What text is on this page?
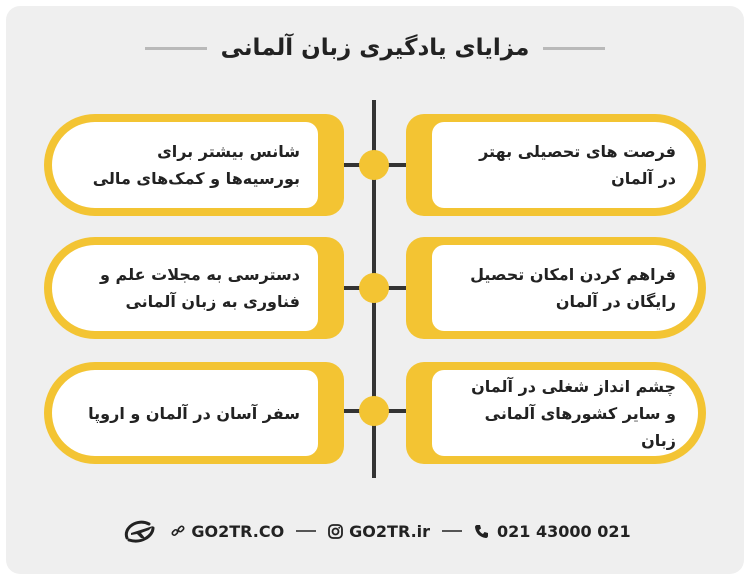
مزایای یادگیری زبان آلمانی
شانس بیشتر برای بورسیه‌ها و کمک‌های مالی
فرصت های تحصیلی بهتر در آلمان
دسترسی به مجلات علم و فناوری به زبان آلمانی
فراهم کردن امکان تحصیل رایگان در آلمان
سفر آسان در آلمان و اروپا
چشم انداز شغلی در آلمان و سایر کشورهای آلمانی زبان
GO2TR.CO	GO2TR.ir	021 43000 021
